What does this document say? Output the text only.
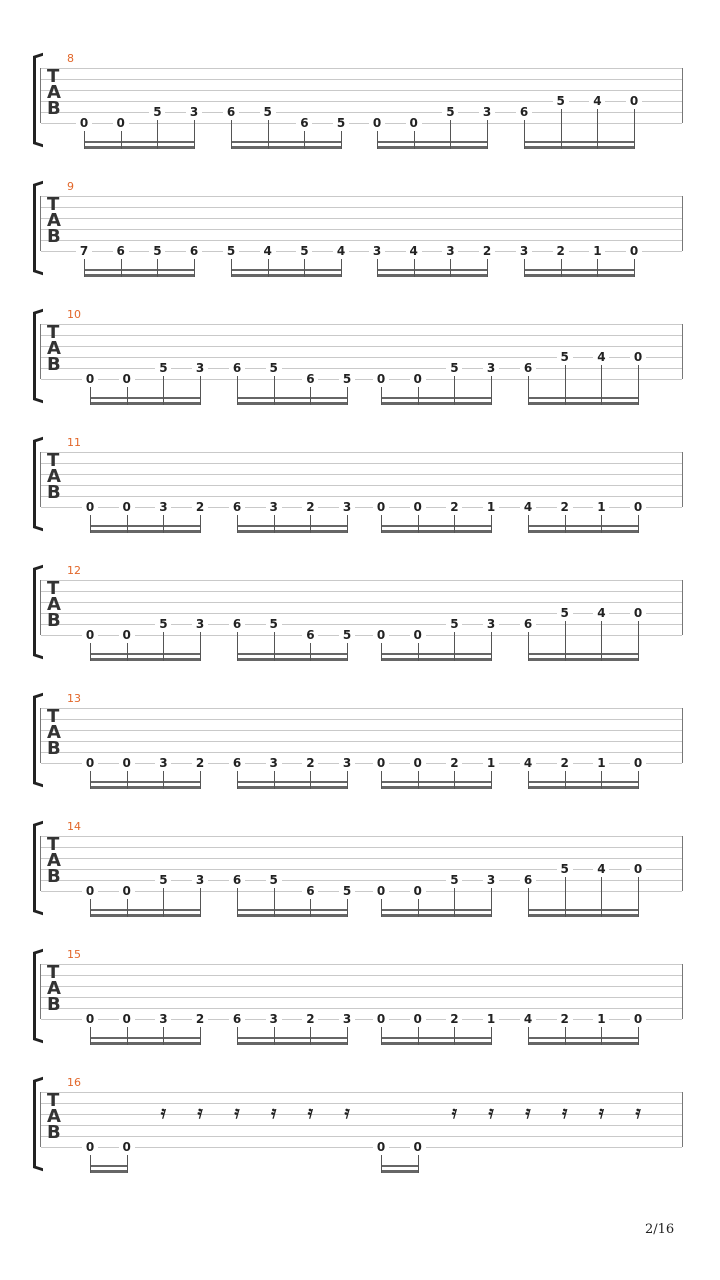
8
T
A
B
0	0
5	3	6	5
6	5	0	0
5	3	6
5	4	0
9
T
A
B
7	6	5	6	5	4	5	4	3	4	3	2	3	2	1	0
10
T
A
B
0	0
5	3	6	5
6	5	0	0
5	3	6
5	4	0
11
T
A
B
0	0	3	2	6	3	2	3	0	0	2	1	4	2	1	0
12
T
A
B
0	0
5	3	6	5
6	5	0	0
5	3	6
5	4	0
13
T
A
B
0	0	3	2	6	3	2	3	0	0	2	1	4	2	1	0
14
T
A
B
0	0
5	3	6	5
6	5	0	0
5	3	6
5	4	0
15
T
A
B
0	0	3	2	6	3	2	3	0	0	2	1	4	2	1	0
16
T
A
B
0	0
𝄿 𝄿 𝄿 𝄿 𝄿 𝄿
0	0
𝄿 𝄿 𝄿 𝄿 𝄿 𝄿
2/16
